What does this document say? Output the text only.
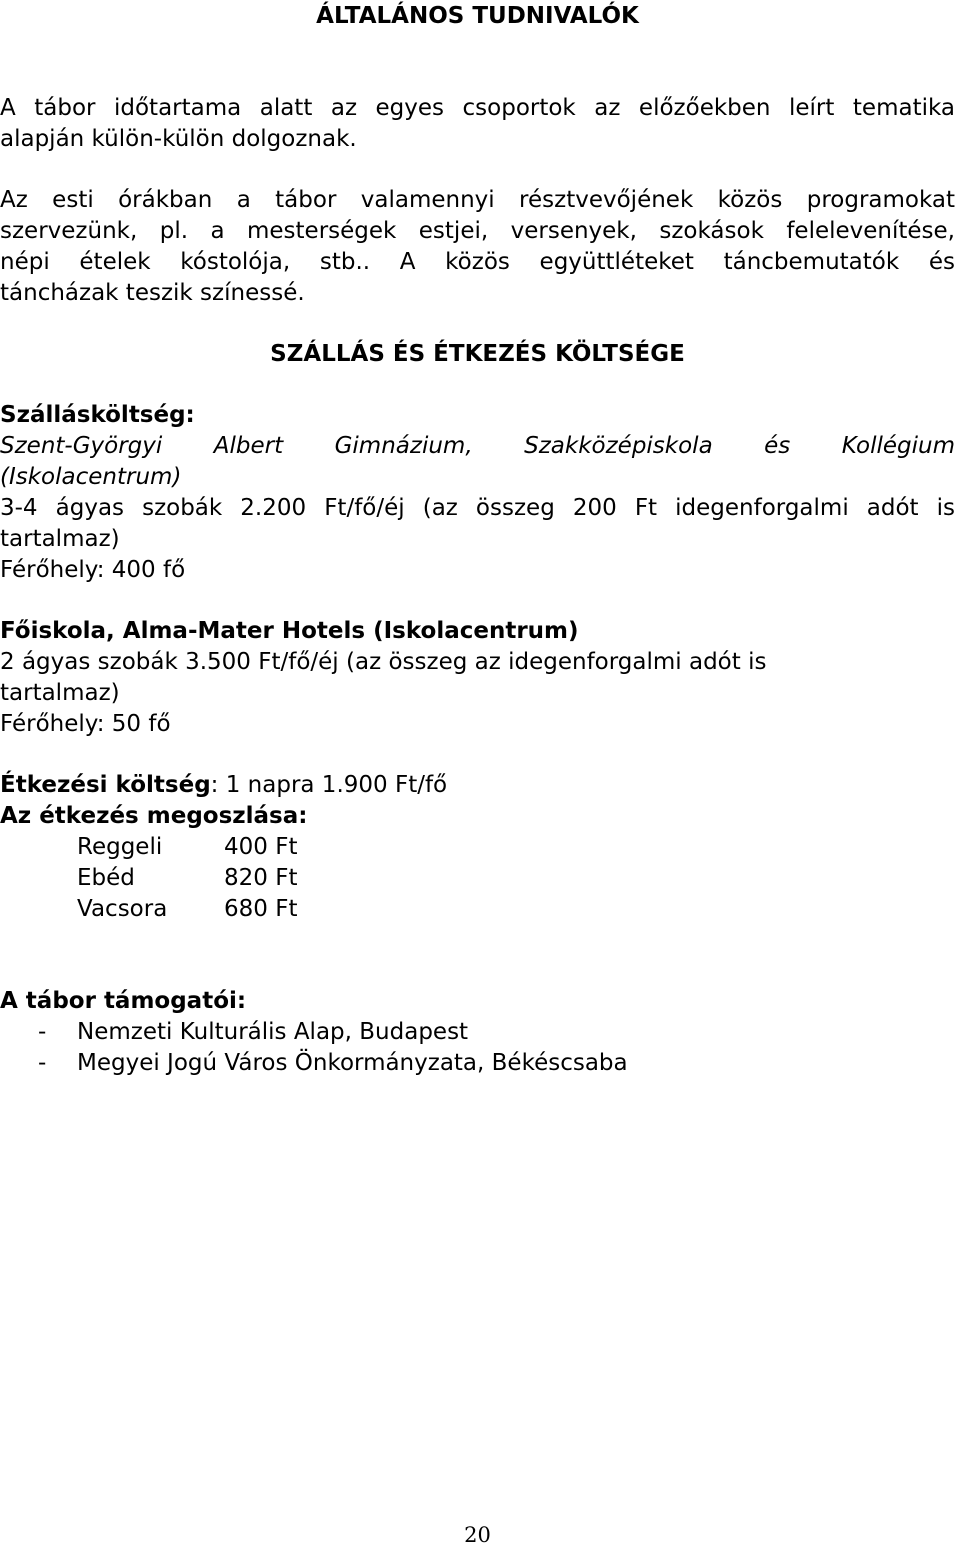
ÁLTALÁNOS TUDNIVALÓK
A tábor időtartama alatt az egyes csoportok az előzőekben leírt tematika
alapján külön-külön dolgoznak.
Az esti órákban a tábor valamennyi résztvevőjének közös programokat
szervezünk, pl. a mesterségek estjei, versenyek, szokások felelevenítése,
népi ételek kóstolója, stb.. A közös együttléteket táncbemutatók és
táncházak teszik színessé.
SZÁLLÁS ÉS ÉTKEZÉS KÖLTSÉGE
Szállásköltség:
Szent-Györgyi Albert Gimnázium, Szakközépiskola és Kollégium
(Iskolacentrum)
3-4 ágyas szobák 2.200 Ft/fő/éj (az összeg 200 Ft idegenforgalmi adót is
tartalmaz)
Férőhely: 400 fő
Főiskola, Alma-Mater Hotels (Iskolacentrum)
2 ágyas szobák 3.500 Ft/fő/éj (az összeg az idegenforgalmi adót is
tartalmaz)
Férőhely: 50 fő
Étkezési költség: 1 napra 1.900 Ft/fő
Az étkezés megoszlása:
Reggeli	400 Ft
Ebéd	820 Ft
Vacsora 680 Ft
A tábor támogatói:
- Nemzeti Kulturális Alap, Budapest
- Megyei Jogú Város Önkormányzata, Békéscsaba
20
